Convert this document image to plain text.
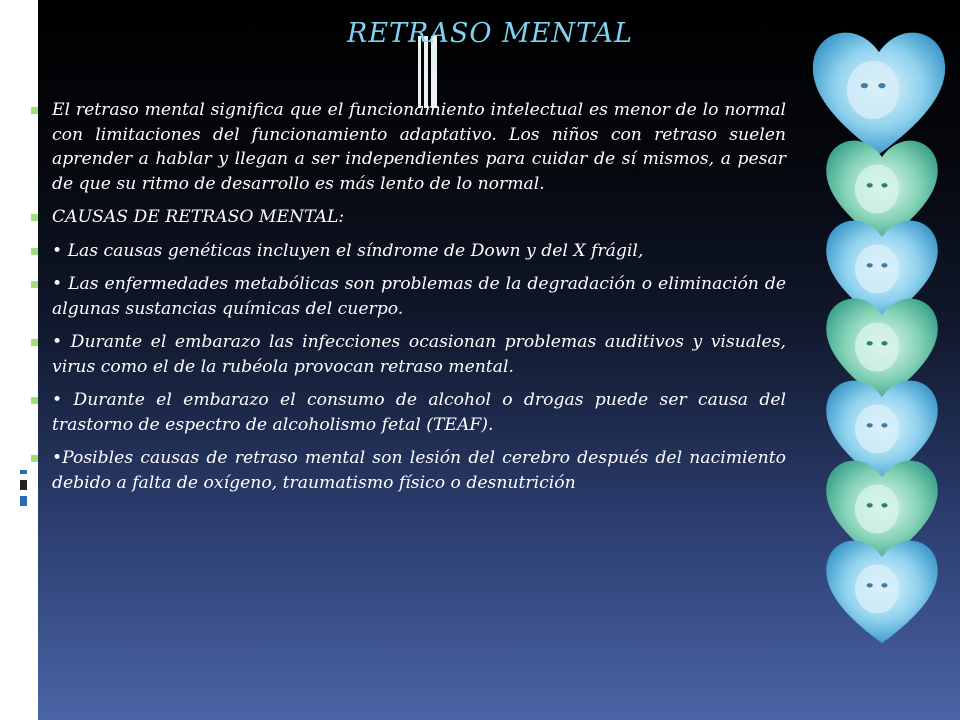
RETRASO MENTAL
El retraso mental significa que el funcionamiento intelectual es menor de lo normal con limitaciones del funcionamiento adaptativo. Los niños con retraso suelen aprender a hablar y llegan a ser independientes para cuidar de sí mismos, a pesar de que su ritmo de desarrollo es más lento de lo normal.
CAUSAS DE RETRASO MENTAL:
• Las causas genéticas incluyen el síndrome de Down y del X frágil,
• Las enfermedades metabólicas son problemas de la degradación o eliminación de algunas sustancias químicas del cuerpo.
• Durante el embarazo las infecciones ocasionan problemas auditivos y visuales, virus como el de la rubéola provocan retraso mental.
• Durante el embarazo el consumo de alcohol o drogas puede ser causa del trastorno de espectro de alcoholismo fetal (TEAF).
•Posibles causas de retraso mental son lesión del cerebro después del nacimiento debido a falta de oxígeno, traumatismo físico o desnutrición
